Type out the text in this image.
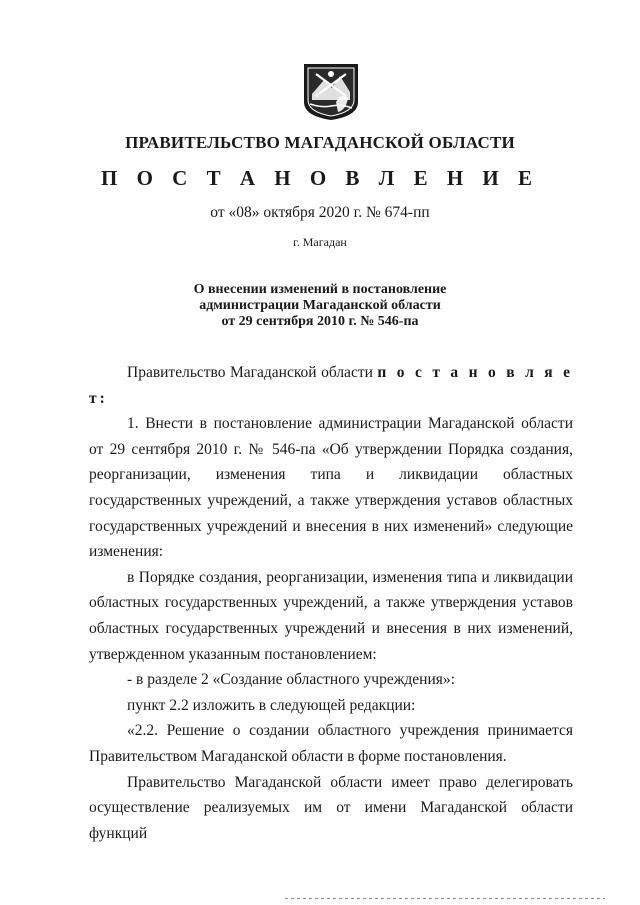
ПРАВИТЕЛЬСТВО МАГАДАНСКОЙ ОБЛАСТИ
П О С Т А Н О В Л Е Н И Е
от «08» октября 2020 г. № 674-пп
г. Магадан
О внесении изменений в постановление
администрации Магаданской области
от 29 сентября 2010 г. № 546-па

Правительство Магаданской области п о с т а н о в л я е т:

1. Внести в постановление администрации Магаданской области от 29 сентября 2010 г. № 546-па «Об утверждении Порядка создания, реорганизации, изменения типа и ликвидации областных государственных учреждений, а также утверждения уставов областных государственных учреждений и внесения в них изменений» следующие изменения:

в Порядке создания, реорганизации, изменения типа и ликвидации областных государственных учреждений, а также утверждения уставов областных государственных учреждений и внесения в них изменений, утвержденном указанным постановлением:

- в разделе 2 «Создание областного учреждения»:

пункт 2.2 изложить в следующей редакции:

«2.2. Решение о создании областного учреждения принимается Правительством Магаданской области в форме постановления.

Правительство Магаданской области имеет право делегировать осуществление реализуемых им от имени Магаданской области функций
